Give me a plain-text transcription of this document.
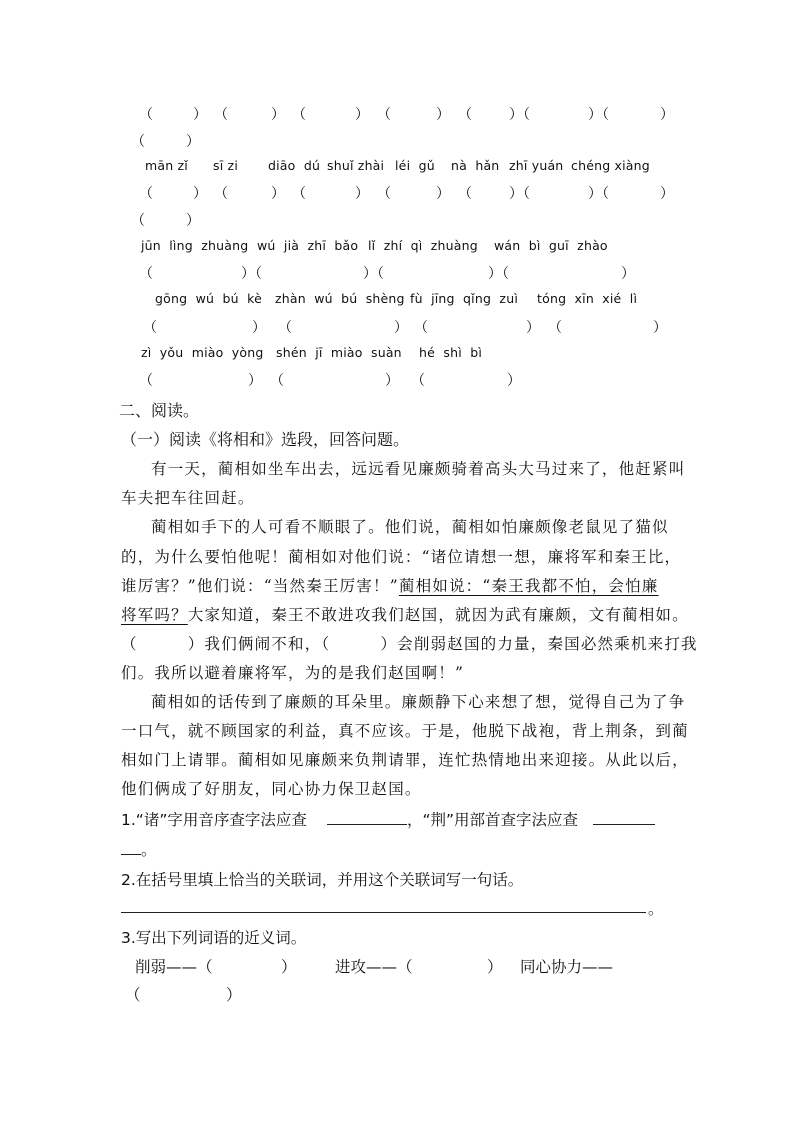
（	） （	） （	） （	） （	）（	）（	）
（	）
mān zǐ sī zi diāo  dú shuǐ zhài léi  gǔ nà  hǎn zhī yuán chéng xiàng
（	） （	） （	） （	） （	）（	）（	）
（	）
jūn  lìng  zhuàng wú  jià  zhī  bǎo lǐ  zhí  qì  zhuàng wán  bì  guī  zhào
（	）（	）（	）（	）
gōng  wú  bú  kè zhàn  wú  bú  shèng fù  jīng  qǐng  zuì tóng  xīn  xié  lì
（	） （	） （	） （	）
zì  yǒu  miào  yòng shén  jī  miào  suàn hé  shì  bì
（	） （	） （	）
二、阅读。
（一）阅读《将相和》选段，回答问题。
有一天，蔺相如坐车出去，远远看见廉颇骑着高头大马过来了，他赶紧叫
车夫把车往回赶。
蔺相如手下的人可看不顺眼了。他们说，蔺相如怕廉颇像老鼠见了猫似
的，为什么要怕他呢！蔺相如对他们说：“诸位请想一想，廉将军和秦王比，
谁厉害？”他们说：“当然秦王厉害！”蔺相如说：“秦王我都不怕，会怕廉
将军吗？大家知道，秦王不敢进攻我们赵国，就因为武有廉颇，文有蔺相如。
（　　　）我们俩闹不和，（　　　）会削弱赵国的力量，秦国必然乘机来打我
们。我所以避着廉将军，为的是我们赵国啊！”
蔺相如的话传到了廉颇的耳朵里。廉颇静下心来想了想，觉得自己为了争
一口气，就不顾国家的利益，真不应该。于是，他脱下战袍，背上荆条，到蔺
相如门上请罪。蔺相如见廉颇来负荆请罪，连忙热情地出来迎接。从此以后，
他们俩成了好朋友，同心协力保卫赵国。
1.“诸”字用音序查字法应查	，“荆”用部首查字法应查
。
2.在括号里填上恰当的关联词，并用这个关联词写一句话。
。
3.写出下列词语的近义词。
削弱——（	） 进攻——（	） 同心协力——
（	）
